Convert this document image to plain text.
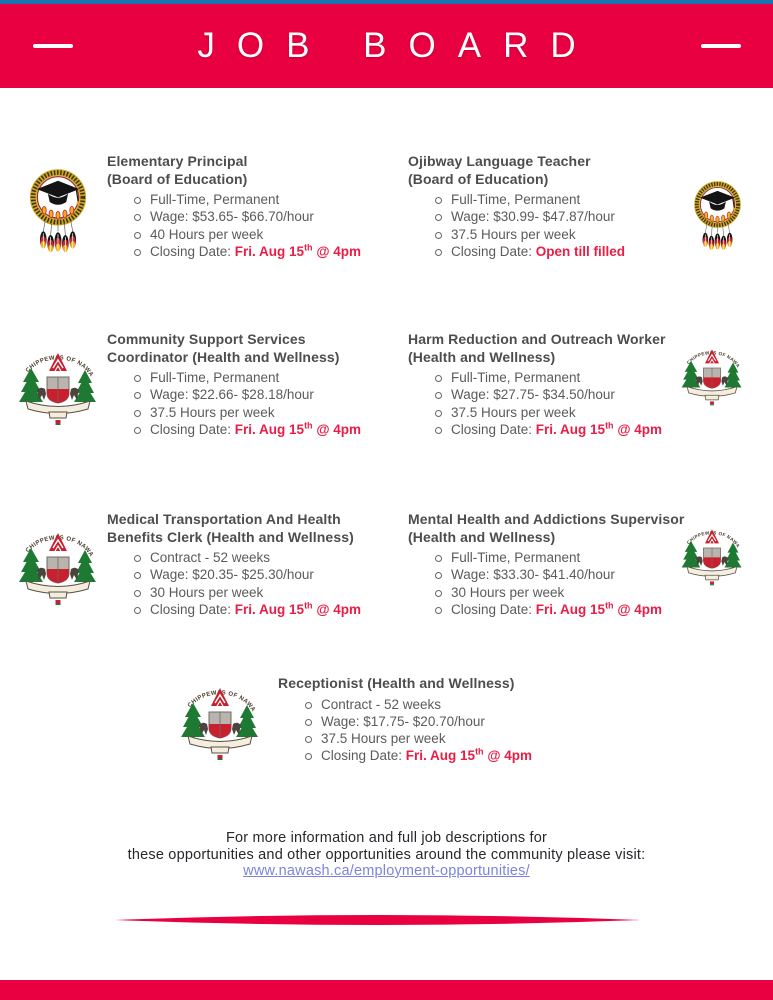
JOB BOARD
Elementary Principal
(Board of Education)
Full-Time, Permanent
Wage: $53.65- $66.70/hour
40 Hours per week
Closing Date: Fri. Aug 15th @ 4pm
Ojibway Language Teacher
(Board of Education)
Full-Time, Permanent
Wage: $30.99- $47.87/hour
37.5 Hours per week
Closing Date: Open till filled
Community Support Services
Coordinator (Health and Wellness)
Full-Time, Permanent
Wage: $22.66- $28.18/hour
37.5 Hours per week
Closing Date: Fri. Aug 15th @ 4pm
Harm Reduction and Outreach Worker
(Health and Wellness)
Full-Time, Permanent
Wage: $27.75- $34.50/hour
37.5 Hours per week
Closing Date: Fri. Aug 15th @ 4pm
Medical Transportation And Health
Benefits Clerk (Health and Wellness)
Contract - 52 weeks
Wage: $20.35- $25.30/hour
30 Hours per week
Closing Date: Fri. Aug 15th @ 4pm
Mental Health and Addictions Supervisor
(Health and Wellness)
Full-Time, Permanent
Wage: $33.30- $41.40/hour
30 Hours per week
Closing Date: Fri. Aug 15th @ 4pm
Receptionist (Health and Wellness)
Contract - 52 weeks
Wage: $17.75- $20.70/hour
37.5 Hours per week
Closing Date: Fri. Aug 15th @ 4pm
For more information and full job descriptions for
these opportunities and other opportunities around the community please visit:
www.nawash.ca/employment-opportunities/
